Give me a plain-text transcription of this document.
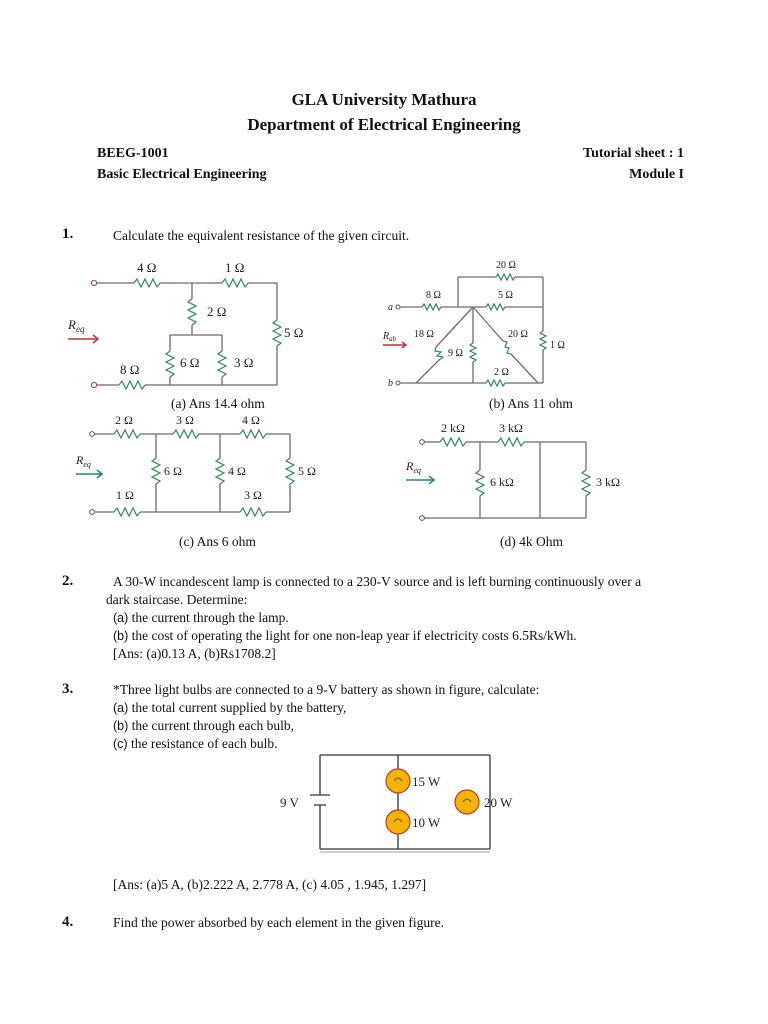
GLA University Mathura
Department of Electrical Engineering
BEEG-1001	Tutorial sheet : 1
Basic Electrical Engineering	Module I
1.	Calculate the equivalent resistance of the given circuit.
4 Ω	1 Ω
2 Ω
5 Ω
6 Ω	3 Ω
8 Ω
$R_{eq}$
(a) Ans 14.4 ohm
20 Ω
8 Ω	5 Ω
18 Ω	20 Ω
9 Ω
1 Ω
2 Ω
a
b
$R_{ab}$
(b) Ans 11 ohm
2 Ω	3 Ω	4 Ω
6 Ω	4 Ω	5 Ω
1 Ω	3 Ω
$R_{eq}$
(c) Ans 6 ohm
2 kΩ	3 kΩ
6 kΩ	3 kΩ
$R_{eq}$
(d) 4k Ohm
2.	A 30-W incandescent lamp is connected to a 230-V source and is left burning continuously over a
dark staircase. Determine:
(a) the current through the lamp.
(b) the cost of operating the light for one non-leap year if electricity costs 6.5Rs/kWh.
[Ans: (a)0.13 A, (b)Rs1708.2]
3.	*Three light bulbs are connected to a 9-V battery as shown in figure, calculate:
(a) the total current supplied by the battery,
(b) the current through each bulb,
(c) the resistance of each bulb.
9 V
15 W
10 W
20 W
[Ans: (a)5 A, (b)2.222 A, 2.778 A, (c) 4.05 , 1.945, 1.297]
4.	Find the power absorbed by each element in the given figure.
